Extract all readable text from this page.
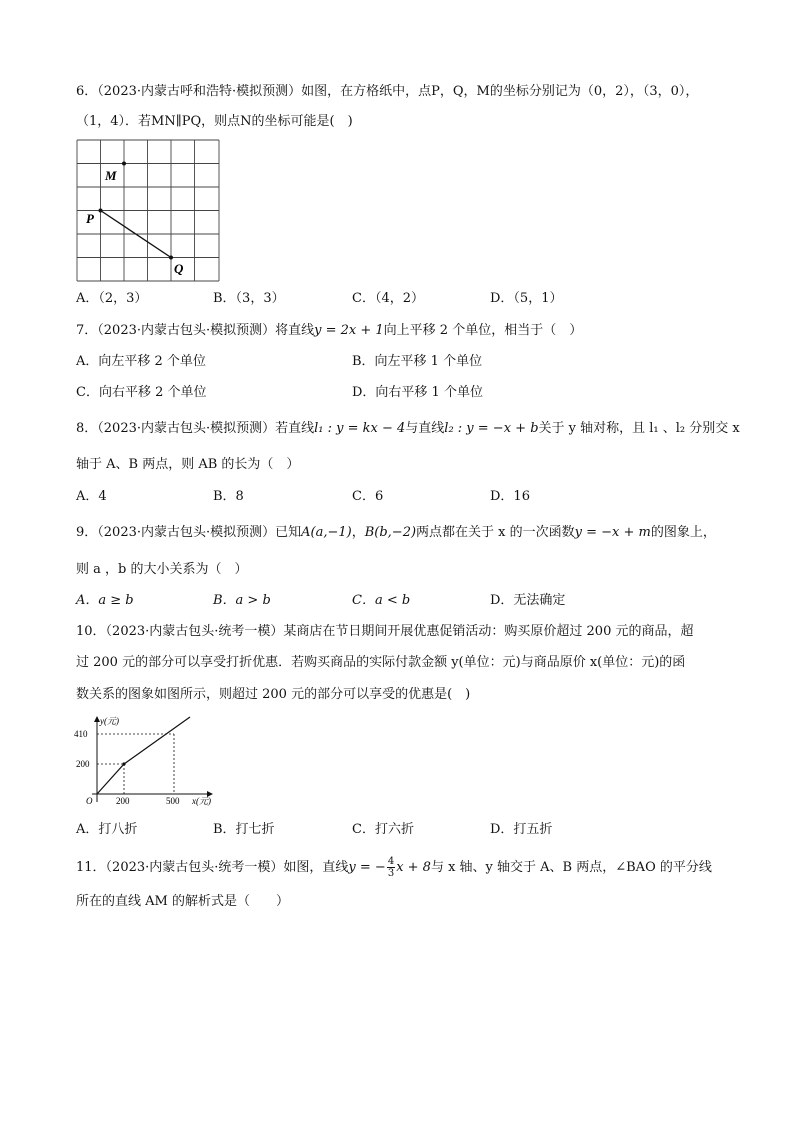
6．（2023·内蒙古呼和浩特·模拟预测）如图，在方格纸中，点P，Q，M的坐标分别记为（0，2），（3，0），
（1，4）．若MN∥PQ，则点N的坐标可能是(　)
M
P
Q
A．（2，3）	B．（3，3）	C．（4，2）	D．（5，1）
7．（2023·内蒙古包头·模拟预测）将直线y = 2x + 1向上平移 2 个单位，相当于（　）
A．向左平移 2 个单位	B．向左平移 1 个单位
C．向右平移 2 个单位	D．向右平移 1 个单位
8．（2023·内蒙古包头·模拟预测）若直线l₁ : y = kx − 4与直线l₂ : y = −x + b关于 y 轴对称，且 l₁ 、l₂ 分别交 x
轴于 A、B 两点，则 AB 的长为（　）
A．4	B．8	C．6	D．16
9．（2023·内蒙古包头·模拟预测）已知A(a,−1)，B(b,−2)两点都在关于 x 的一次函数y = −x + m的图象上，
则 a ，b 的大小关系为（　）
A．a ≥ b	B．a > b	C．a < b	D．无法确定
10．（2023·内蒙古包头·统考一模）某商店在节日期间开展优惠促销活动：购买原价超过 200 元的商品，超
过 200 元的部分可以享受打折优惠．若购买商品的实际付款金额 y(单位：元)与商品原价 x(单位：元)的函
数关系的图象如图所示，则超过 200 元的部分可以享受的优惠是(　)
y(元)
410
200
O	200	500 x(元)
A．打八折	B．打七折	C．打六折	D．打五折
11．（2023·内蒙古包头·统考一模）如图，直线y = − $\frac{4}{3}$ x + 8与 x 轴、y 轴交于 A、B 两点，∠BAO 的平分线
所在的直线 AM 的解析式是（　　）
